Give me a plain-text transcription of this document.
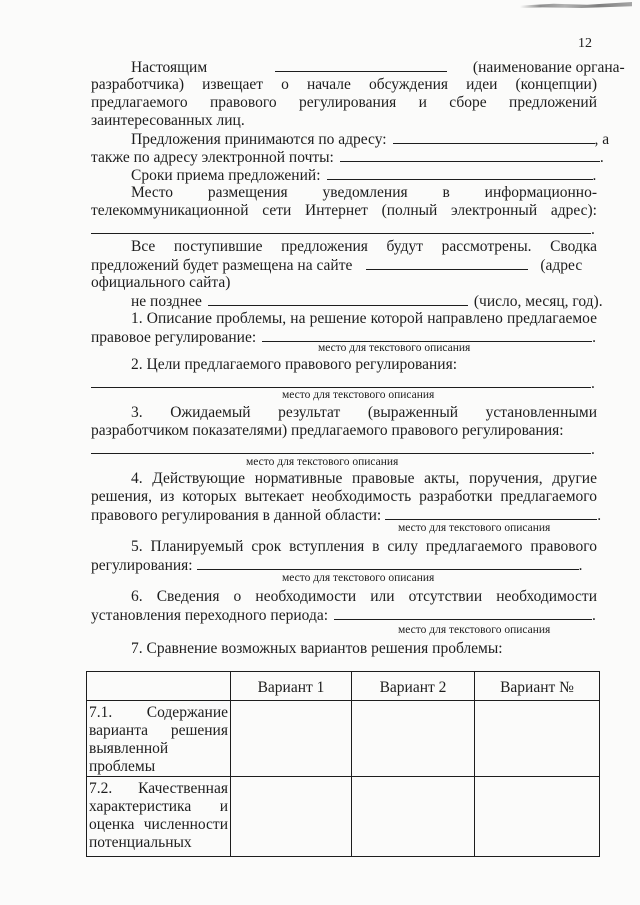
12
Настоящим	(наименование органа-
разработчика) извещает о начале обсуждения идеи (концепции)
предлагаемого правового регулирования и сборе предложений
заинтересованных лиц.
Предложения принимаются по адресу:	, а
также по адресу электронной почты:	.
Сроки приема предложений:	.
Место размещения уведомления в информационно-
телекоммуникационной сети Интернет (полный электронный адрес):
.
Все поступившие предложения будут рассмотрены. Сводка
предложений будет размещена на сайте	(адрес
официального сайта)
не позднее	(число, месяц, год).
1. Описание проблемы, на решение которой направлено предлагаемое
правовое регулирование:	.
место для текстового описания
2. Цели предлагаемого правового регулирования:
.
место для текстового описания
3. Ожидаемый результат (выраженный установленными
разработчиком показателями) предлагаемого правового регулирования:
.
место для текстового описания
4. Действующие нормативные правовые акты, поручения, другие
решения, из которых вытекает необходимость разработки предлагаемого
правового регулирования в данной области:	.
место для текстового описания
5. Планируемый срок вступления в силу предлагаемого правового
регулирования:	.
место для текстового описания
6. Сведения о необходимости или отсутствии необходимости
установления переходного периода:	.
место для текстового описания
7. Сравнение возможных вариантов решения проблемы:
	Вариант 1	Вариант 2	Вариант №

7.1. Содержание варианта решения выявленной проблемы			

7.2. Качественная характеристика и оценка численности потенциальных			
